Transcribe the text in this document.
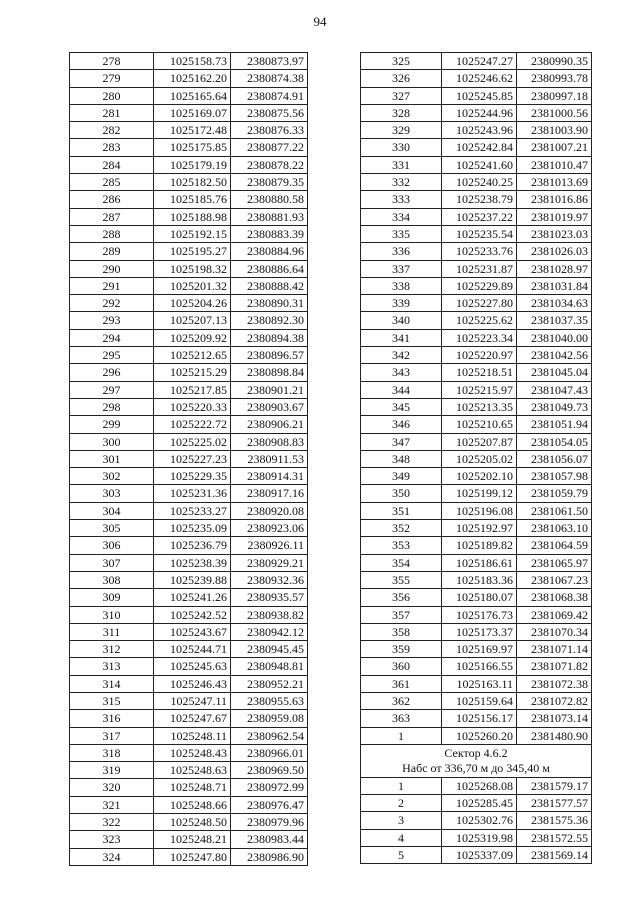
94
278	1025158.73	2380873.97
279	1025162.20	2380874.38
280	1025165.64	2380874.91
281	1025169.07	2380875.56
282	1025172.48	2380876.33
283	1025175.85	2380877.22
284	1025179.19	2380878.22
285	1025182.50	2380879.35
286	1025185.76	2380880.58
287	1025188.98	2380881.93
288	1025192.15	2380883.39
289	1025195.27	2380884.96
290	1025198.32	2380886.64
291	1025201.32	2380888.42
292	1025204.26	2380890.31
293	1025207.13	2380892.30
294	1025209.92	2380894.38
295	1025212.65	2380896.57
296	1025215.29	2380898.84
297	1025217.85	2380901.21
298	1025220.33	2380903.67
299	1025222.72	2380906.21
300	1025225.02	2380908.83
301	1025227.23	2380911.53
302	1025229.35	2380914.31
303	1025231.36	2380917.16
304	1025233.27	2380920.08
305	1025235.09	2380923.06
306	1025236.79	2380926.11
307	1025238.39	2380929.21
308	1025239.88	2380932.36
309	1025241.26	2380935.57
310	1025242.52	2380938.82
311	1025243.67	2380942.12
312	1025244.71	2380945.45
313	1025245.63	2380948.81
314	1025246.43	2380952.21
315	1025247.11	2380955.63
316	1025247.67	2380959.08
317	1025248.11	2380962.54
318	1025248.43	2380966.01
319	1025248.63	2380969.50
320	1025248.71	2380972.99
321	1025248.66	2380976.47
322	1025248.50	2380979.96
323	1025248.21	2380983.44
324	1025247.80	2380986.90
325	1025247.27	2380990.35
326	1025246.62	2380993.78
327	1025245.85	2380997.18
328	1025244.96	2381000.56
329	1025243.96	2381003.90
330	1025242.84	2381007.21
331	1025241.60	2381010.47
332	1025240.25	2381013.69
333	1025238.79	2381016.86
334	1025237.22	2381019.97
335	1025235.54	2381023.03
336	1025233.76	2381026.03
337	1025231.87	2381028.97
338	1025229.89	2381031.84
339	1025227.80	2381034.63
340	1025225.62	2381037.35
341	1025223.34	2381040.00
342	1025220.97	2381042.56
343	1025218.51	2381045.04
344	1025215.97	2381047.43
345	1025213.35	2381049.73
346	1025210.65	2381051.94
347	1025207.87	2381054.05
348	1025205.02	2381056.07
349	1025202.10	2381057.98
350	1025199.12	2381059.79
351	1025196.08	2381061.50
352	1025192.97	2381063.10
353	1025189.82	2381064.59
354	1025186.61	2381065.97
355	1025183.36	2381067.23
356	1025180.07	2381068.38
357	1025176.73	2381069.42
358	1025173.37	2381070.34
359	1025169.97	2381071.14
360	1025166.55	2381071.82
361	1025163.11	2381072.38
362	1025159.64	2381072.82
363	1025156.17	2381073.14
1	1025260.20	2381480.90

Сектор 4.6.2
Набс от 336,70 м до 345,40 м		

1	1025268.08	2381579.17
2	1025285.45	2381577.57
3	1025302.76	2381575.36
4	1025319.98	2381572.55
5	1025337.09	2381569.14
